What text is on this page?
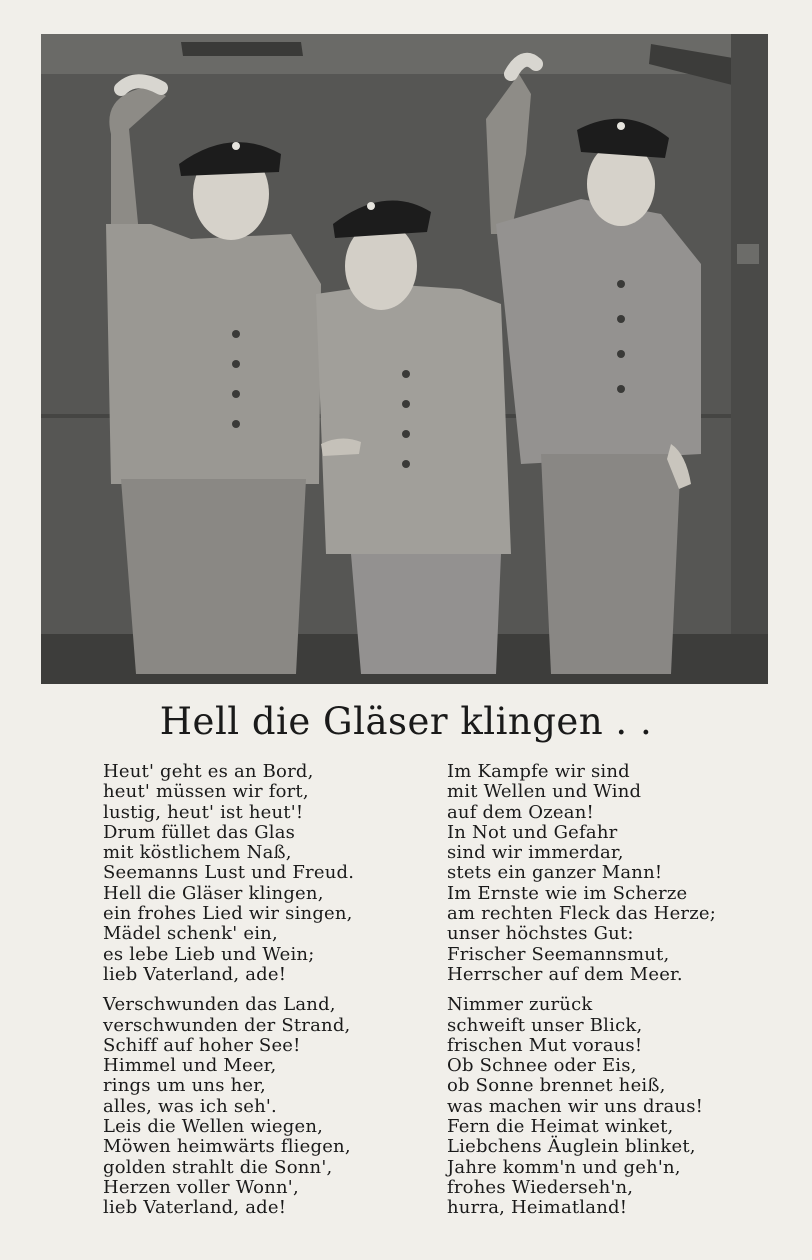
Hell die Gläser klingen . .
Heut' geht es an Bord,
heut' müssen wir fort,
lustig, heut' ist heut'!
Drum füllet das Glas
mit köstlichem Naß,
Seemanns Lust und Freud.
Hell die Gläser klingen,
ein frohes Lied wir singen,
Mädel schenk' ein,
es lebe Lieb und Wein;
lieb Vaterland, ade!
Verschwunden das Land,
verschwunden der Strand,
Schiff auf hoher See!
Himmel und Meer,
rings um uns her,
alles, was ich seh'.
Leis die Wellen wiegen,
Möwen heimwärts fliegen,
golden strahlt die Sonn',
Herzen voller Wonn',
lieb Vaterland, ade!
Im Kampfe wir sind
mit Wellen und Wind
auf dem Ozean!
In Not und Gefahr
sind wir immerdar,
stets ein ganzer Mann!
Im Ernste wie im Scherze
am rechten Fleck das Herze;
unser höchstes Gut:
Frischer Seemannsmut,
Herrscher auf dem Meer.
Nimmer zurück
schweift unser Blick,
frischen Mut voraus!
Ob Schnee oder Eis,
ob Sonne brennet heiß,
was machen wir uns draus!
Fern die Heimat winket,
Liebchens Äuglein blinket,
Jahre komm'n und geh'n,
frohes Wiederseh'n,
hurra, Heimatland!
